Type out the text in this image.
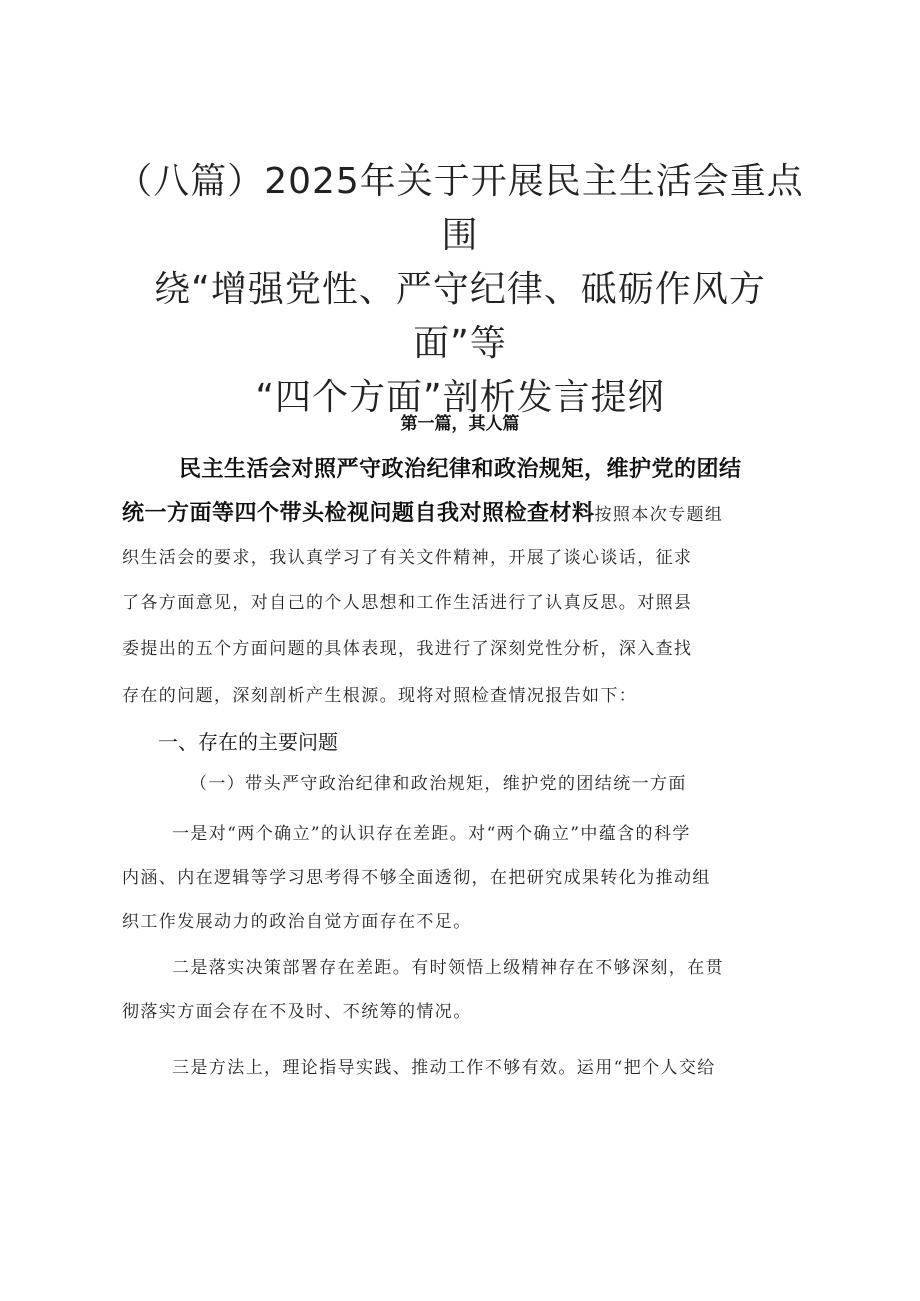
（八篇）2025年关于开展民主生活会重点围
绕“增强党性、严守纪律、砥砺作风方面”等
“四个方面”剖析发言提纲
第一篇，其人篇
民主生活会对照严守政治纪律和政治规矩，维护党的团结
统一方面等四个带头检视问题自我对照检查材料按照本次专题组
织生活会的要求，我认真学习了有关文件精神，开展了谈心谈话，征求
了各方面意见，对自己的个人思想和工作生活进行了认真反思。对照县
委提出的五个方面问题的具体表现，我进行了深刻党性分析，深入查找
存在的问题，深刻剖析产生根源。现将对照检查情况报告如下：
一、存在的主要问题

（一）带头严守政治纪律和政治规矩，维护党的团结统一方面

一是对“两个确立”的认识存在差距。对“两个确立”中蕴含的科学

内涵、内在逻辑等学习思考得不够全面透彻，在把研究成果转化为推动组

织工作发展动力的政治自觉方面存在不足。

二是落实决策部署存在差距。有时领悟上级精神存在不够深刻，在贯

彻落实方面会存在不及时、不统筹的情况。

三是方法上，理论指导实践、推动工作不够有效。运用“把个人交给
